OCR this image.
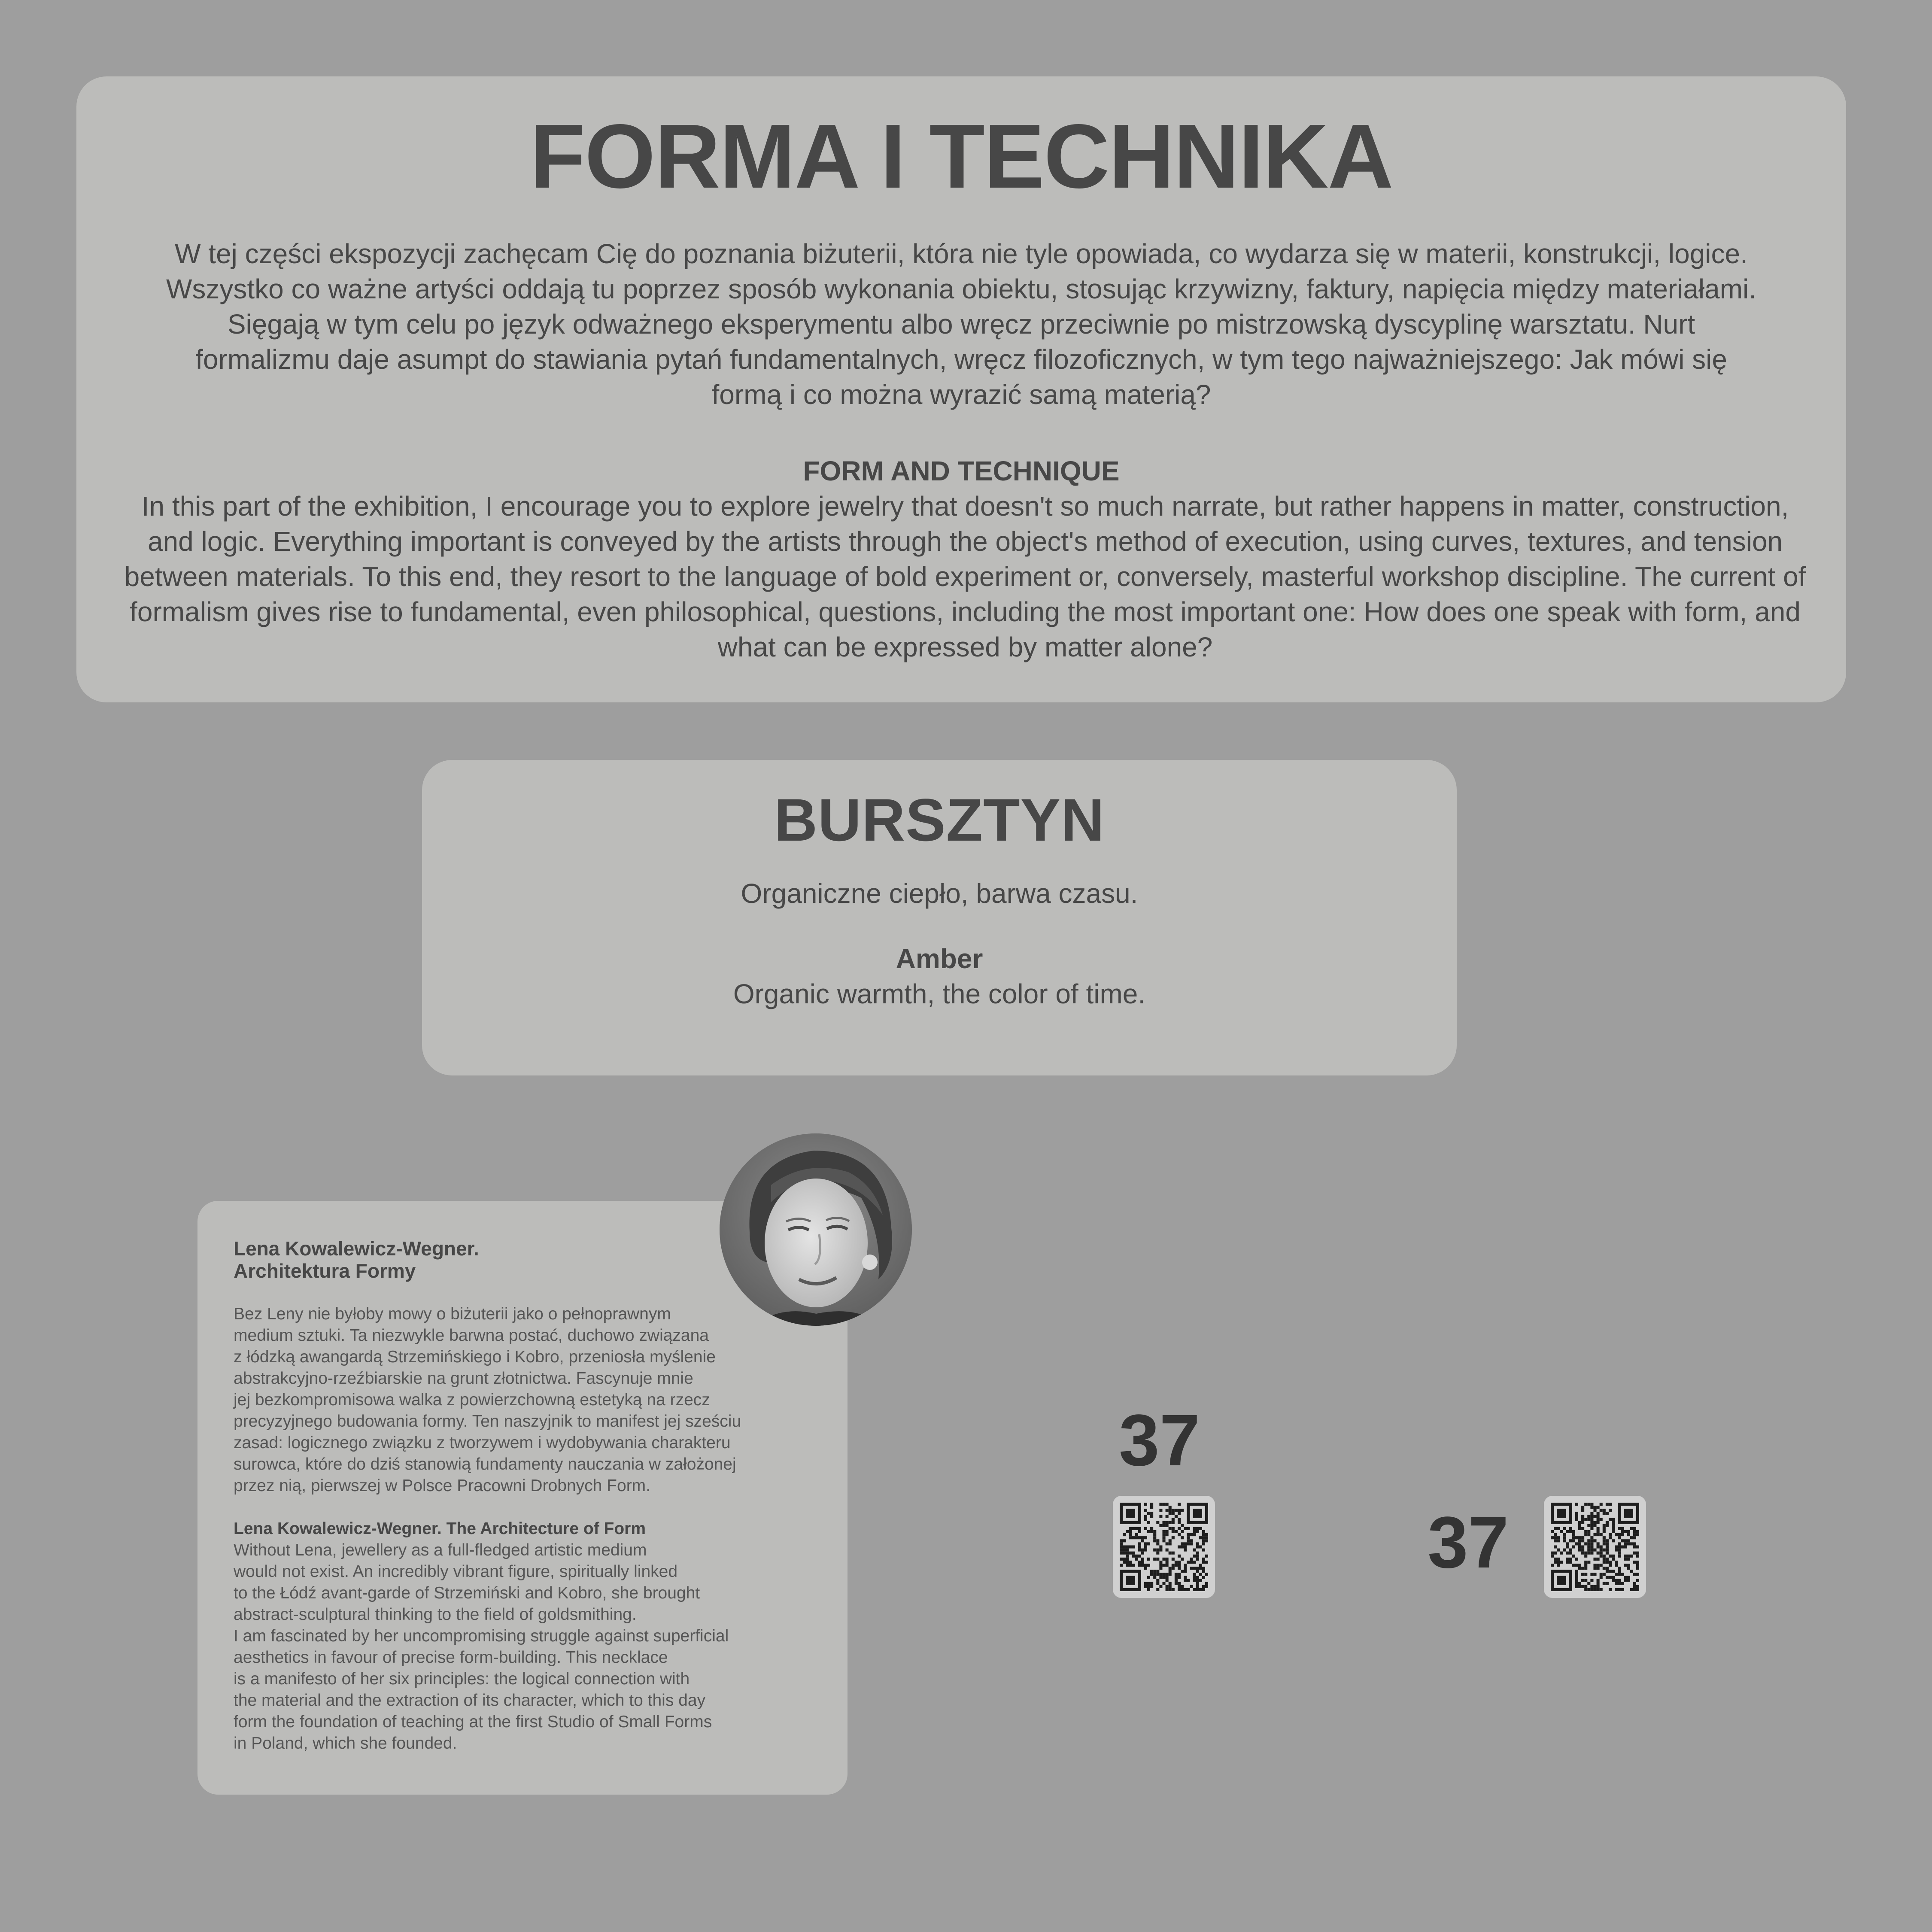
FORMA I TECHNIKA

W tej części ekspozycji zachęcam Cię do poznania biżuterii, która nie tyle opowiada, co wydarza się w materii, konstrukcji, logice. Wszystko co ważne artyści oddają tu poprzez sposób wykonania obiektu, stosując krzywizny, faktury, napięcia między materiałami. Sięgają w tym celu po język odważnego eksperymentu albo wręcz przeciwnie po mistrzowską dyscyplinę warsztatu. Nurt formalizmu daje asumpt do stawiania pytań fundamentalnych, wręcz filozoficznych, w tym tego najważniejszego: Jak mówi się formą i co można wyrazić samą materią?

FORM AND TECHNIQUE

In this part of the exhibition, I encourage you to explore jewelry that doesn't so much narrate, but rather happens in matter, construction, and logic. Everything important is conveyed by the artists through the object's method of execution, using curves, textures, and tension between materials. To this end, they resort to the language of bold experiment or, conversely, masterful workshop discipline. The current of formalism gives rise to fundamental, even philosophical, questions, including the most important one: How does one speak with form, and what can be expressed by matter alone?

BURSZTYN

Organiczne ciepło, barwa czasu.

Amber

Organic warmth, the color of time.

Lena Kowalewicz-Wegner.
Architektura Formy

Bez Leny nie byłoby mowy o biżuterii jako o pełnoprawnym
medium sztuki. Ta niezwykle barwna postać, duchowo związana
z łódzką awangardą Strzemińskiego i Kobro, przeniosła myślenie
abstrakcyjno-rzeźbiarskie na grunt złotnictwa. Fascynuje mnie
jej bezkompromisowa walka z powierzchowną estetyką na rzecz
precyzyjnego budowania formy. Ten naszyjnik to manifest jej sześciu
zasad: logicznego związku z tworzywem i wydobywania charakteru
surowca, które do dziś stanowią fundamenty nauczania w założonej
przez nią, pierwszej w Polsce Pracowni Drobnych Form.

Lena Kowalewicz-Wegner. The Architecture of Form

Without Lena, jewellery as a full-fledged artistic medium
would not exist. An incredibly vibrant figure, spiritually linked
to the Łódź avant-garde of Strzemiński and Kobro, she brought
abstract-sculptural thinking to the field of goldsmithing.
I am fascinated by her uncompromising struggle against superficial
aesthetics in favour of precise form-building. This necklace
is a manifesto of her six principles: the logical connection with
the material and the extraction of its character, which to this day
form the foundation of teaching at the first Studio of Small Forms
in Poland, which she founded.

37
37
